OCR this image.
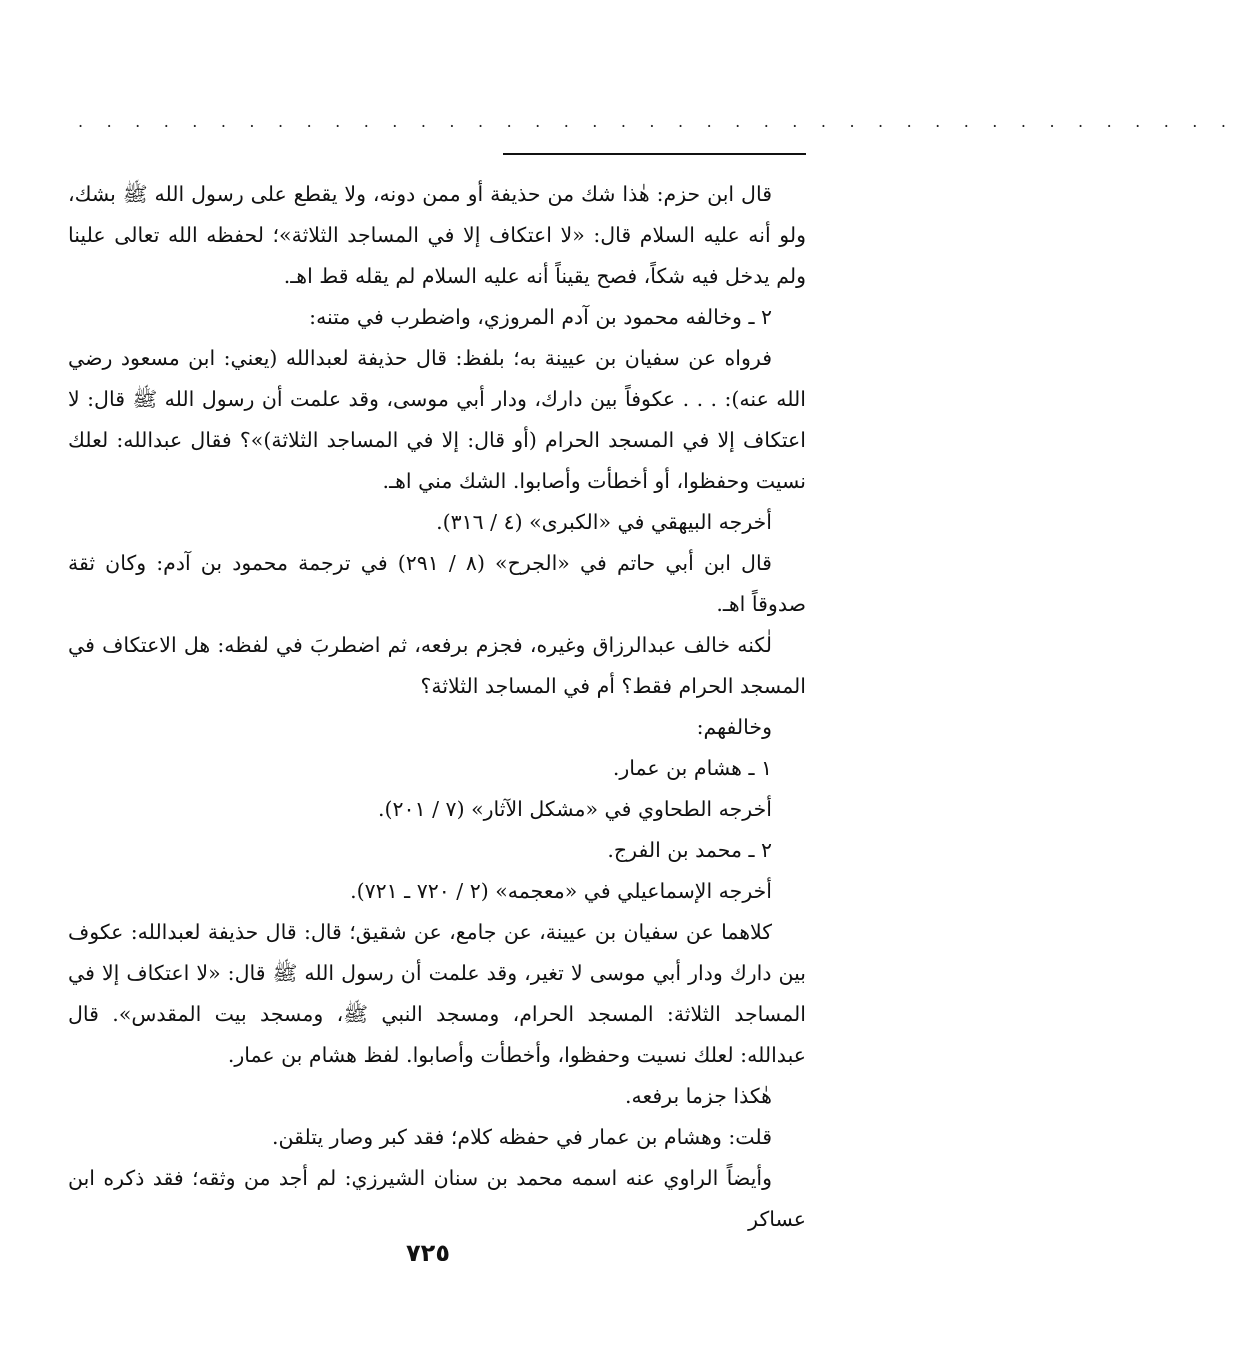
. . . . . . . . . . . . . . . . . . . . . . . . . . . . . . . . . . . . . . . . .

قال ابن حزم: هٰذا شك من حذيفة أو ممن دونه، ولا يقطع على رسول الله ﷺ بشك، ولو أنه عليه السلام قال: «لا اعتكاف إلا في المساجد الثلاثة»؛ لحفظه الله تعالى علينا ولم يدخل فيه شكاً، فصح يقيناً أنه عليه السلام لم يقله قط اهـ.

٢ ـ وخالفه محمود بن آدم المروزي، واضطرب في متنه:

فرواه عن سفيان بن عيينة به؛ بلفظ: قال حذيفة لعبدالله (يعني: ابن مسعود رضي الله عنه): . . . عكوفاً بين دارك، ودار أبي موسى، وقد علمت أن رسول الله ﷺ قال: لا اعتكاف إلا في المسجد الحرام (أو قال: إلا في المساجد الثلاثة)»؟ فقال عبدالله: لعلك نسيت وحفظوا، أو أخطأت وأصابوا. الشك مني اهـ.

أخرجه البيهقي في «الكبرى» (٤ / ٣١٦).

قال ابن أبي حاتم في «الجرح» (٨ / ٢٩١) في ترجمة محمود بن آدم: وكان ثقة صدوقاً اهـ.

لٰكنه خالف عبدالرزاق وغيره، فجزم برفعه، ثم اضطربَ في لفظه: هل الاعتكاف في المسجد الحرام فقط؟ أم في المساجد الثلاثة؟

وخالفهم:

١ ـ هشام بن عمار.

أخرجه الطحاوي في «مشكل الآثار» (٧ / ٢٠١).

٢ ـ محمد بن الفرج.

أخرجه الإسماعيلي في «معجمه» (٢ / ٧٢٠ ـ ٧٢١).

كلاهما عن سفيان بن عيينة، عن جامع، عن شقيق؛ قال: قال حذيفة لعبدالله: عكوف بين دارك ودار أبي موسى لا تغير، وقد علمت أن رسول الله ﷺ قال: «لا اعتكاف إلا في المساجد الثلاثة: المسجد الحرام، ومسجد النبي ﷺ، ومسجد بيت المقدس». قال عبدالله: لعلك نسيت وحفظوا، وأخطأت وأصابوا. لفظ هشام بن عمار.

هٰكذا جزما برفعه.

قلت: وهشام بن عمار في حفظه كلام؛ فقد كبر وصار يتلقن.

وأيضاً الراوي عنه اسمه محمد بن سنان الشيرزي: لم أجد من وثقه؛ فقد ذكره ابن عساكر

٧٢٥
